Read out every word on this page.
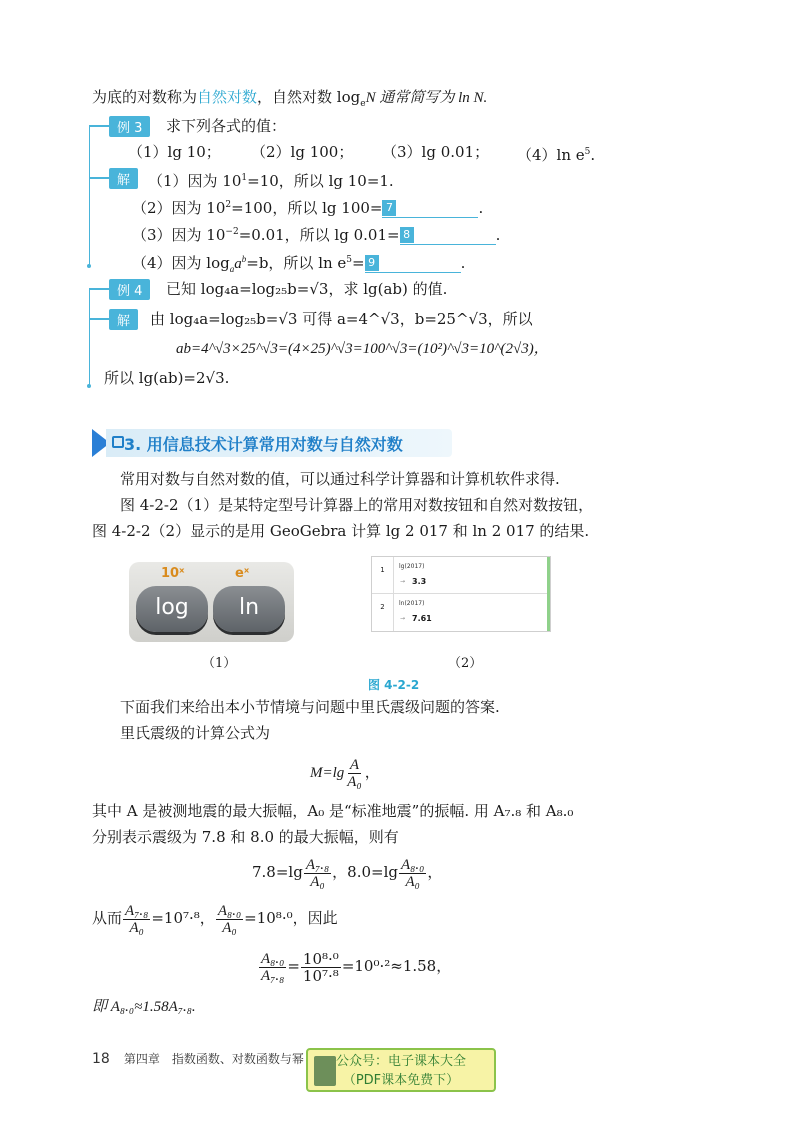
为底的对数称为自然对数，自然对数 $\log_eN$ 通常简写为 ln N.
例 3	求下列各式的值：
（1）lg 10； （2）lg 100； （3）lg 0.01； （4）ln $e^5$.
解	（1）因为 $10^1=10$，所以 lg 10=1.
（2）因为 $10^2=100$，所以 lg 100= 7	.
（3）因为 $10^{-2}=0.01$，所以 lg 0.01= 8	.
（4）因为 $\log_aa^b=b$，所以 $\ln e^5= 9$	.
例 4	已知 log₄a=log₂₅b=√3，求 lg(ab) 的值.
解	由 log₄a=log₂₅b=√3 可得 a=4^√3，b=25^√3，所以
ab=4^√3×25^√3=(4×25)^√3=100^√3=(10²)^√3=10^(2√3)，
所以 lg(ab)=2√3.
3. 用信息技术计算常用对数与自然对数
常用对数与自然对数的值，可以通过科学计算器和计算机软件求得.
图 4-2-2（1）是某特定型号计算器上的常用对数按钮和自然对数按钮，
图 4-2-2（2）显示的是用 GeoGebra 计算 lg 2 017 和 ln 2 017 的结果.
10ˣ	eˣ
log	ln
1	lg(2017)
→ 3.3
2	ln(2017)
→ 7.61
（1）	（2）
图 4-2-2
下面我们来给出本小节情境与问题中里氏震级问题的答案.
里氏震级的计算公式为
$M=\lg \frac{A}{\text{A₀}}$ ，
其中 A 是被测地震的最大振幅，A₀ 是“标准地震”的振幅. 用 A₇.₈ 和 A₈.₀
分别表示震级为 7.8 和 8.0 的最大振幅，则有
$7.8=\lg \frac{\text{A₇.₈}}{\text{A₀}}$ ，$8.0=\lg \frac{\text{A₈.₀}}{\text{A₀}}$ ，
从而 $\frac{\text{A₇.₈}}{\text{A₀}} =10^7\cdot^8$， $\frac{\text{A₈.₀}}{\text{A₀}} =10^8\cdot^0$，因此
$\frac{\text{A₈.₀}}{\text{A₇.₈}} = \frac{\text{10⁸·⁰}}{\text{10⁷·⁸}} =10^0\cdot^2\approx 1.58$，
即 A₈.₀≈1.58A₇.₈.
18 第四章　指数函数、对数函数与幂	公众号：电子课本大全
（PDF课本免费下）
